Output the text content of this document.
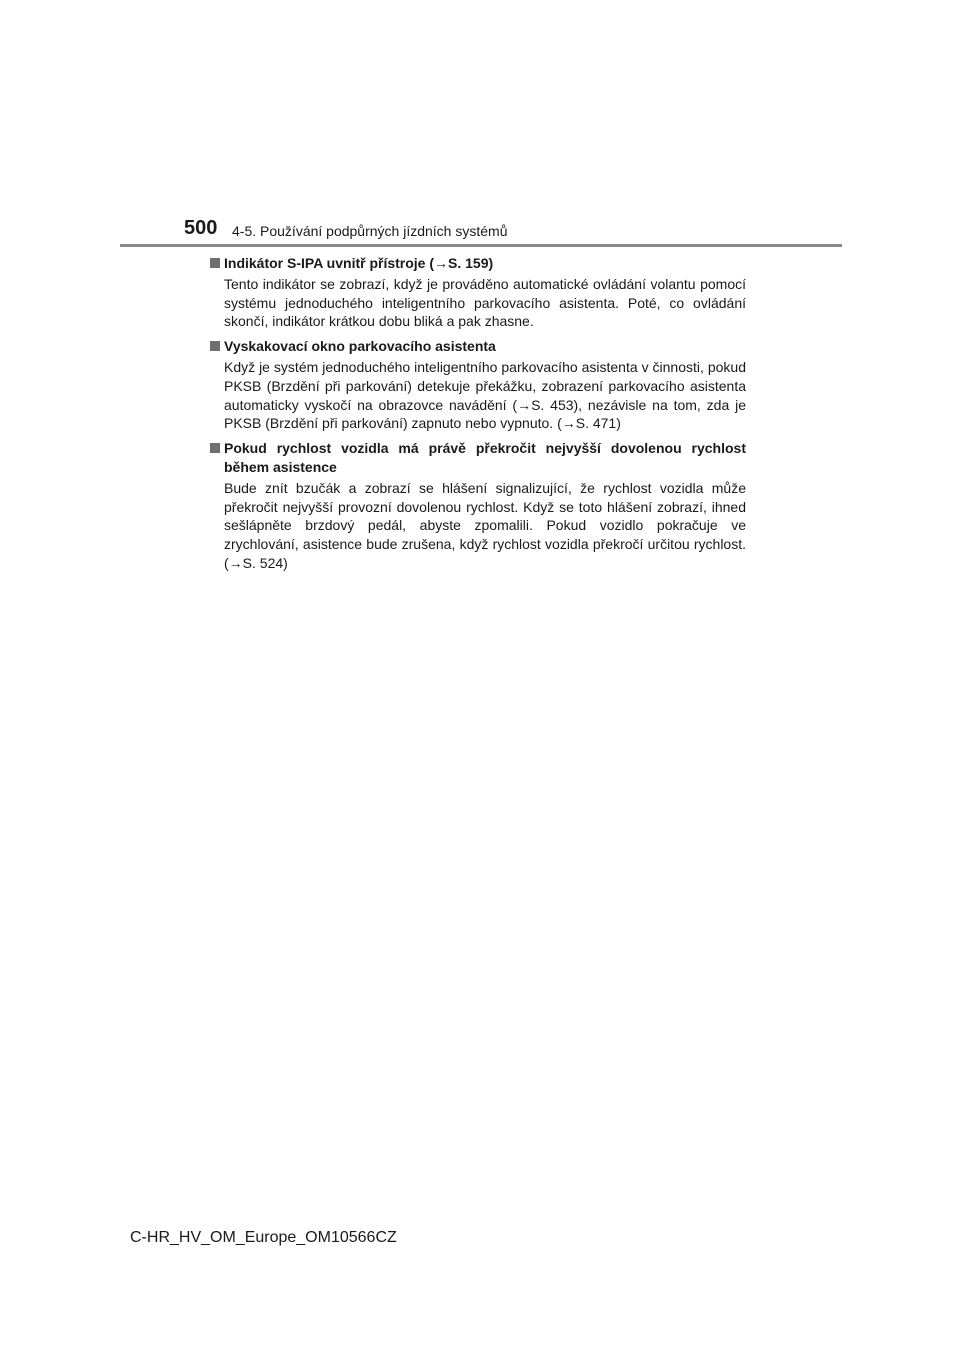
500 4-5. Používání podpůrných jízdních systémů
Indikátor S-IPA uvnitř přístroje (→S. 159)
Tento indikátor se zobrazí, když je prováděno automatické ovládání volantu pomocí systému jednoduchého inteligentního parkovacího asistenta. Poté, co ovládání skončí, indikátor krátkou dobu bliká a pak zhasne.
Vyskakovací okno parkovacího asistenta
Když je systém jednoduchého inteligentního parkovacího asistenta v činnosti, pokud PKSB (Brzdění při parkování) detekuje překážku, zobrazení parkovacího asistenta automaticky vyskočí na obrazovce navádění (→S. 453), nezávisle na tom, zda je PKSB (Brzdění při parkování) zapnuto nebo vypnuto. (→S. 471)
Pokud rychlost vozidla má právě překročit nejvyšší dovolenou rychlost během asistence
Bude znít bzučák a zobrazí se hlášení signalizující, že rychlost vozidla může překročit nejvyšší provozní dovolenou rychlost. Když se toto hlášení zobrazí, ihned sešlápněte brzdový pedál, abyste zpomalili. Pokud vozidlo pokračuje ve zrychlování, asistence bude zrušena, když rychlost vozidla překročí určitou rychlost. (→S. 524)
C-HR_HV_OM_Europe_OM10566CZ
